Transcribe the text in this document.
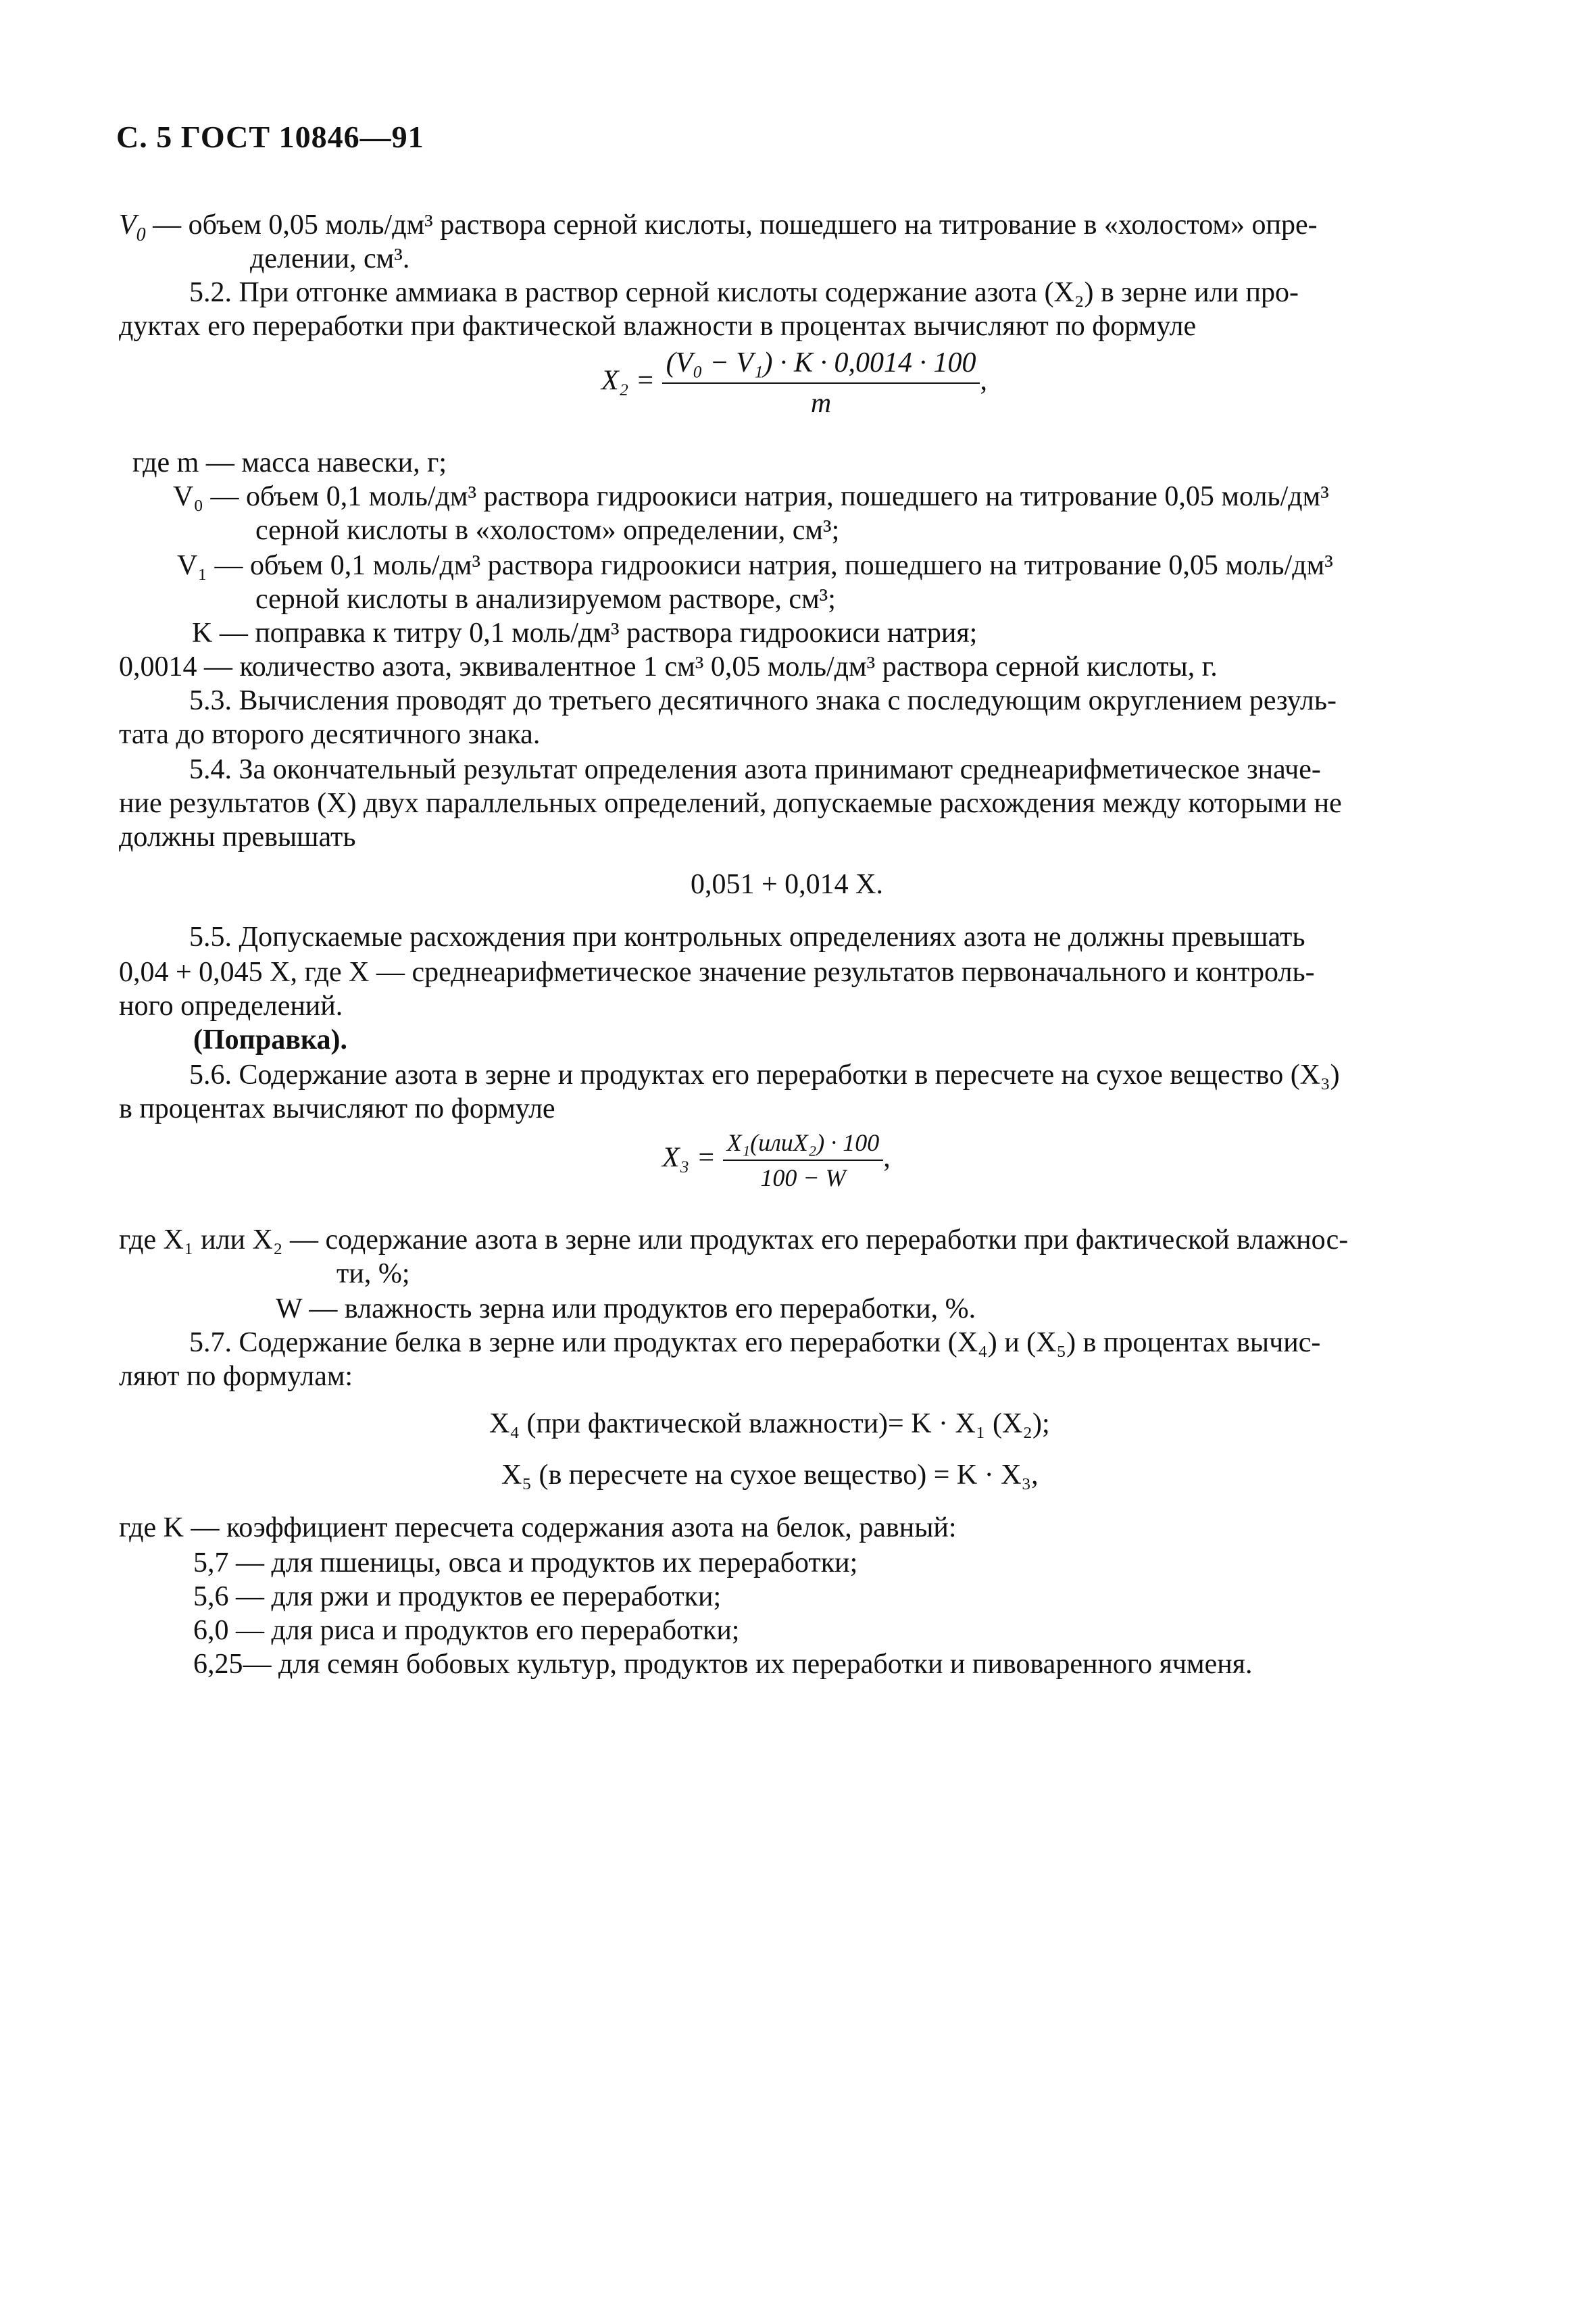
С. 5 ГОСТ 10846—91
$V_0$ — объем 0,05 моль/дм³ раствора серной кислоты, пошедшего на титрование в «холостом» опре-
делении, см³.
5.2. При отгонке аммиака в раствор серной кислоты содержание азота (X₂) в зерне или про-
дуктах его переработки при фактической влажности в процентах вычисляют по формуле
$X_2 = \frac{\text{(V₀ − V₁) · K · 0,0014 · 100}}{m}$ ,
где m — масса навески, г;
V₀ — объем 0,1 моль/дм³ раствора гидроокиси натрия, пошедшего на титрование 0,05 моль/дм³
серной кислоты в «холостом» определении, см³;
V₁ — объем 0,1 моль/дм³ раствора гидроокиси натрия, пошедшего на титрование 0,05 моль/дм³
серной кислоты в анализируемом растворе, см³;
K — поправка к титру 0,1 моль/дм³ раствора гидроокиси натрия;
0,0014 — количество азота, эквивалентное 1 см³ 0,05 моль/дм³ раствора серной кислоты, г.
5.3. Вычисления проводят до третьего десятичного знака с последующим округлением резуль-
тата до второго десятичного знака.
5.4. За окончательный результат определения азота принимают среднеарифметическое значе-
ние результатов (X) двух параллельных определений, допускаемые расхождения между которыми не
должны превышать
0,051 + 0,014 X.
5.5. Допускаемые расхождения при контрольных определениях азота не должны превышать
0,04 + 0,045 X, где X — среднеарифметическое значение результатов первоначального и контроль-
ного определений.
(Поправка).
5.6. Содержание азота в зерне и продуктах его переработки в пересчете на сухое вещество (X₃)
в процентах вычисляют по формуле
$X_3 = \frac{\text{X₁(илиX₂) · 100}}{100 - W}$ ,
где X₁ или X₂ — содержание азота в зерне или продуктах его переработки при фактической влажнос-
ти, %;
W — влажность зерна или продуктов его переработки, %.
5.7. Содержание белка в зерне или продуктах его переработки (X₄) и (X₅) в процентах вычис-
ляют по формулам:
X₄ (при фактической влажности)= K · X₁ (X₂);
X₅ (в пересчете на сухое вещество) = K · X₃,
где K — коэффициент пересчета содержания азота на белок, равный:
5,7 — для пшеницы, овса и продуктов их переработки;
5,6 — для ржи и продуктов ее переработки;
6,0 — для риса и продуктов его переработки;
6,25— для семян бобовых культур, продуктов их переработки и пивоваренного ячменя.
